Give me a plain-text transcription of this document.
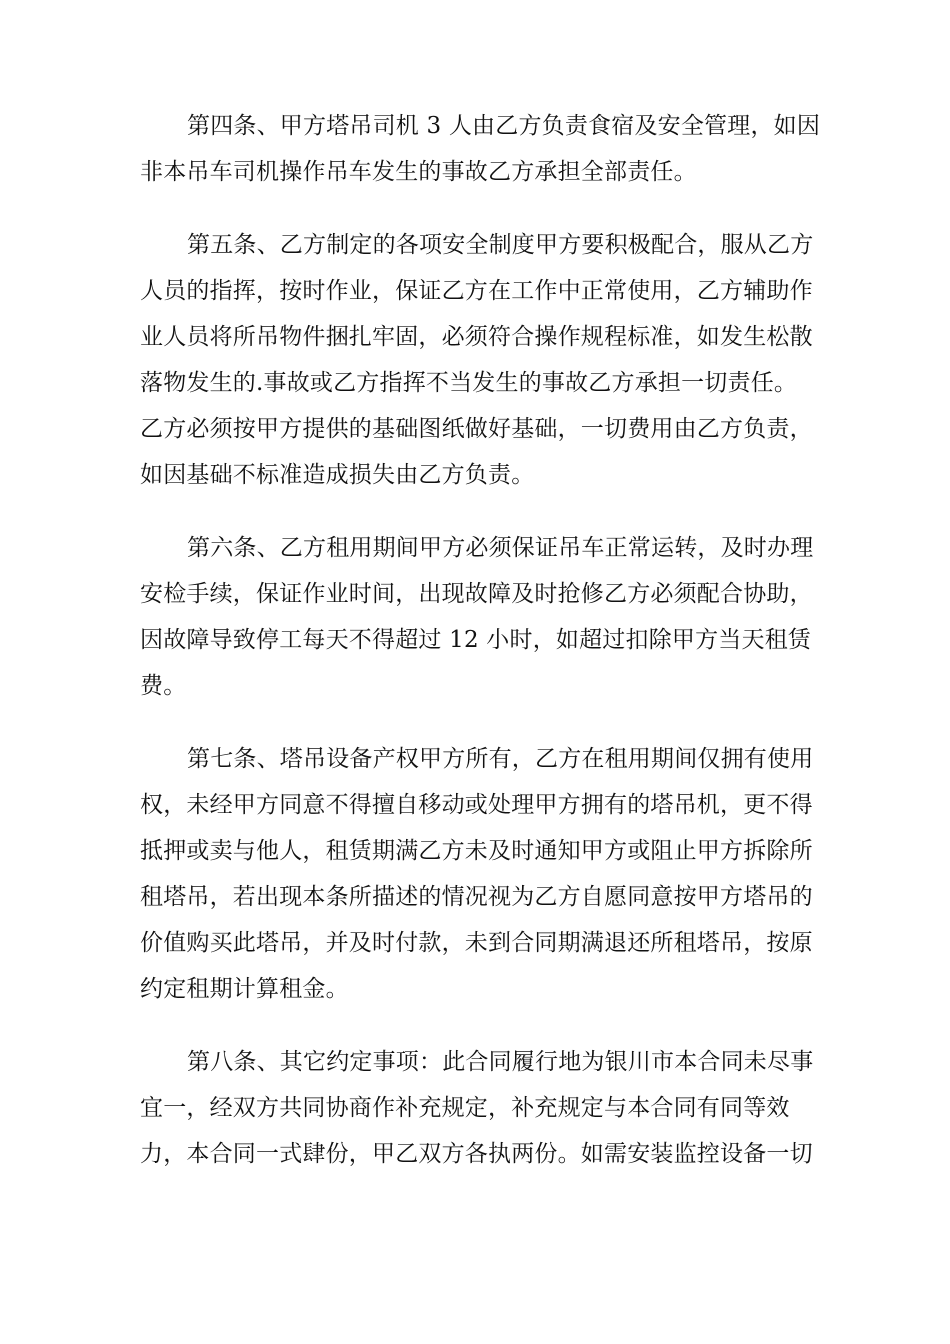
第四条、甲方塔吊司机 3 人由乙方负责食宿及安全管理，如因
非本吊车司机操作吊车发生的事故乙方承担全部责任。

第五条、乙方制定的各项安全制度甲方要积极配合，服从乙方
人员的指挥，按时作业，保证乙方在工作中正常使用，乙方辅助作
业人员将所吊物件捆扎牢固，必须符合操作规程标准，如发生松散
落物发生的.事故或乙方指挥不当发生的事故乙方承担一切责任。
乙方必须按甲方提供的基础图纸做好基础，一切费用由乙方负责，
如因基础不标准造成损失由乙方负责。

第六条、乙方租用期间甲方必须保证吊车正常运转，及时办理
安检手续，保证作业时间，出现故障及时抢修乙方必须配合协助，
因故障导致停工每天不得超过 12 小时，如超过扣除甲方当天租赁
费。

第七条、塔吊设备产权甲方所有，乙方在租用期间仅拥有使用
权，未经甲方同意不得擅自移动或处理甲方拥有的塔吊机，更不得
抵押或卖与他人，租赁期满乙方未及时通知甲方或阻止甲方拆除所
租塔吊，若出现本条所描述的情况视为乙方自愿同意按甲方塔吊的
价值购买此塔吊，并及时付款，未到合同期满退还所租塔吊，按原
约定租期计算租金。

第八条、其它约定事项：此合同履行地为银川市本合同未尽事
宜一，经双方共同协商作补充规定，补充规定与本合同有同等效
力，本合同一式肆份，甲乙双方各执两份。如需安装监控设备一切
